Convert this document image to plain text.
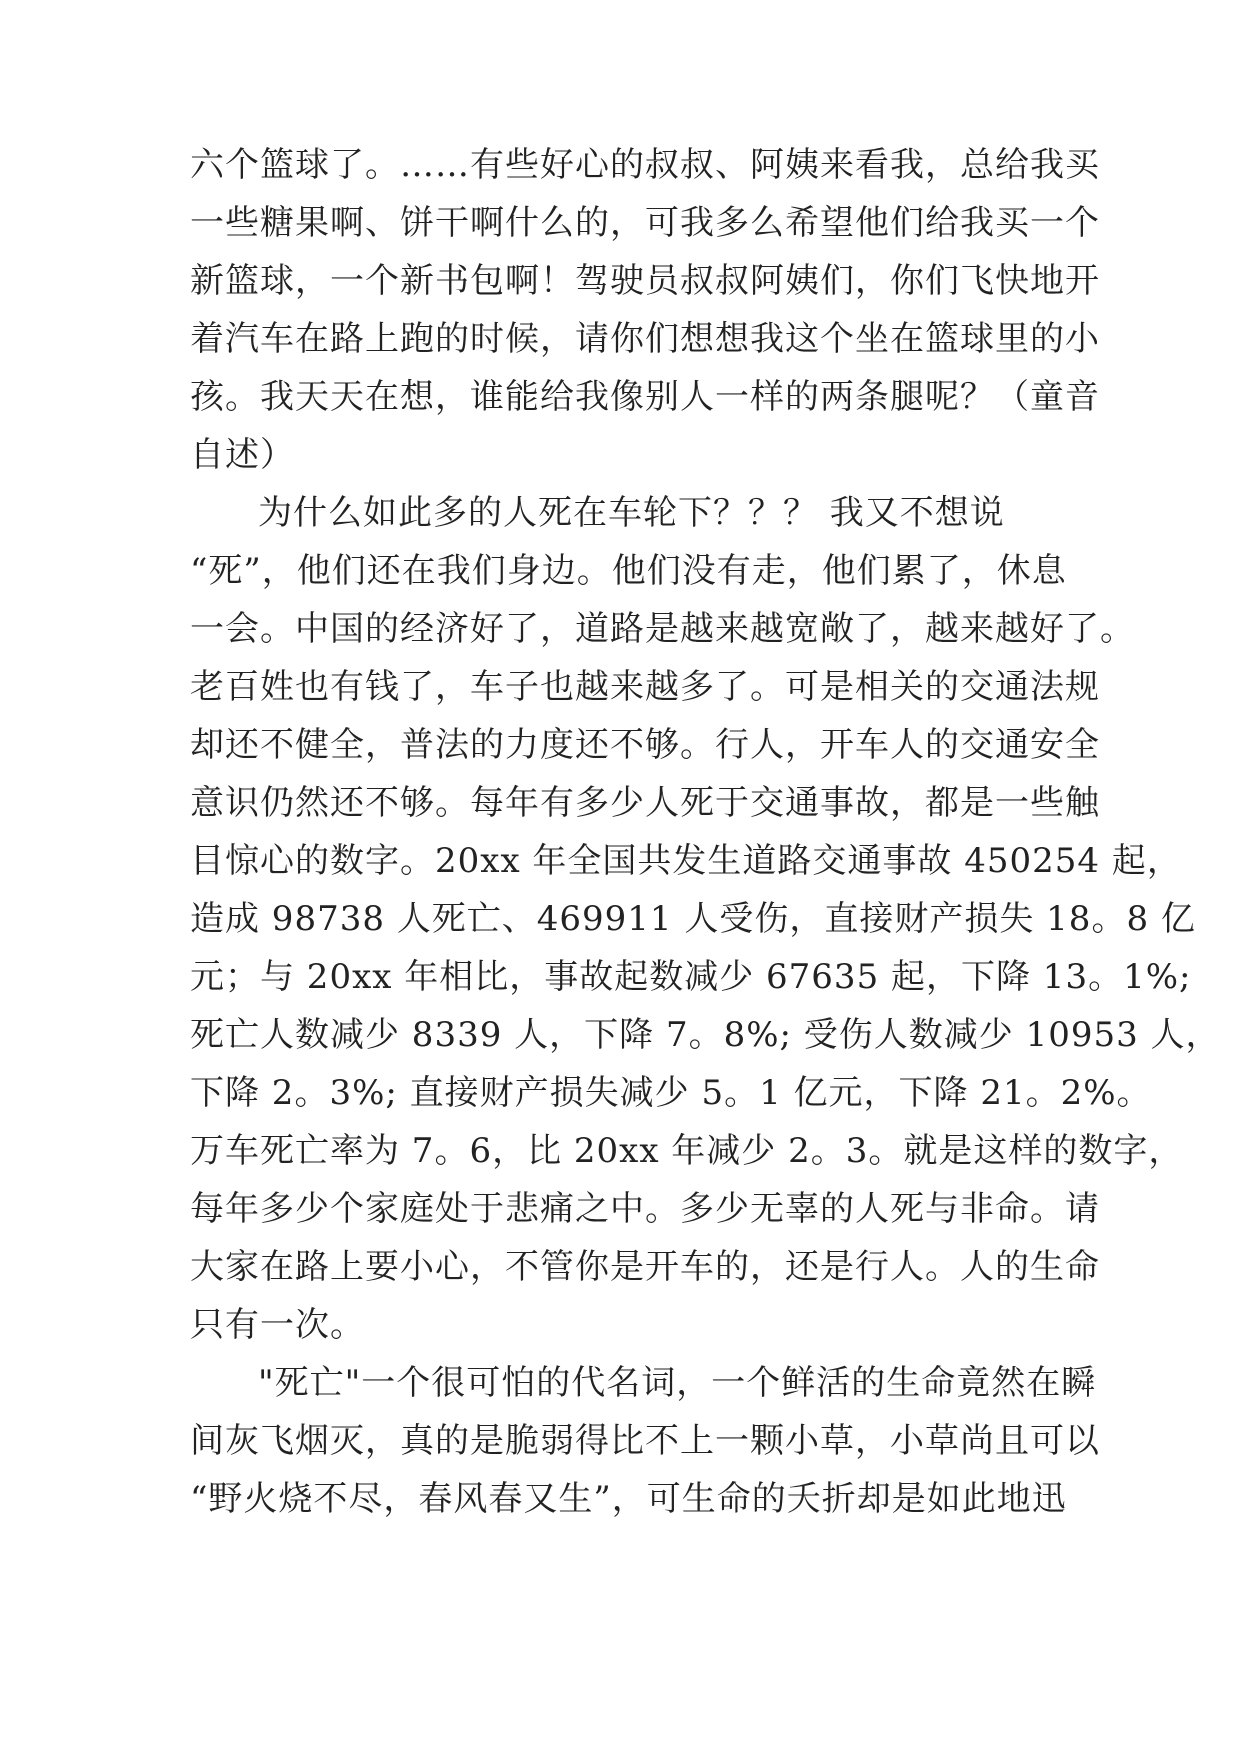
六个篮球了。……有些好心的叔叔、阿姨来看我，总给我买
一些糖果啊、饼干啊什么的，可我多么希望他们给我买一个
新篮球，一个新书包啊！驾驶员叔叔阿姨们，你们飞快地开
着汽车在路上跑的时候，请你们想想我这个坐在篮球里的小
孩。我天天在想，谁能给我像别人一样的两条腿呢？（童音
自述）
为什么如此多的人死在车轮下？？？ 我又不想说
“死”，他们还在我们身边。他们没有走，他们累了，休息
一会。中国的经济好了，道路是越来越宽敞了，越来越好了。
老百姓也有钱了，车子也越来越多了。可是相关的交通法规
却还不健全，普法的力度还不够。行人，开车人的交通安全
意识仍然还不够。每年有多少人死于交通事故，都是一些触
目惊心的数字。20xx 年全国共发生道路交通事故 450254 起，
造成 98738 人死亡、469911 人受伤，直接财产损失 18。8 亿
元；与 20xx 年相比，事故起数减少 67635 起，下降 13。1%;
死亡人数减少 8339 人，下降 7。8%; 受伤人数减少 10953 人，
下降 2。3%; 直接财产损失减少 5。1 亿元，下降 21。2%。
万车死亡率为 7。6，比 20xx 年减少 2。3。就是这样的数字，
每年多少个家庭处于悲痛之中。多少无辜的人死与非命。请
大家在路上要小心，不管你是开车的，还是行人。人的生命
只有一次。
"死亡"一个很可怕的代名词，一个鲜活的生命竟然在瞬
间灰飞烟灭，真的是脆弱得比不上一颗小草，小草尚且可以
“野火烧不尽，春风春又生”，可生命的夭折却是如此地迅
